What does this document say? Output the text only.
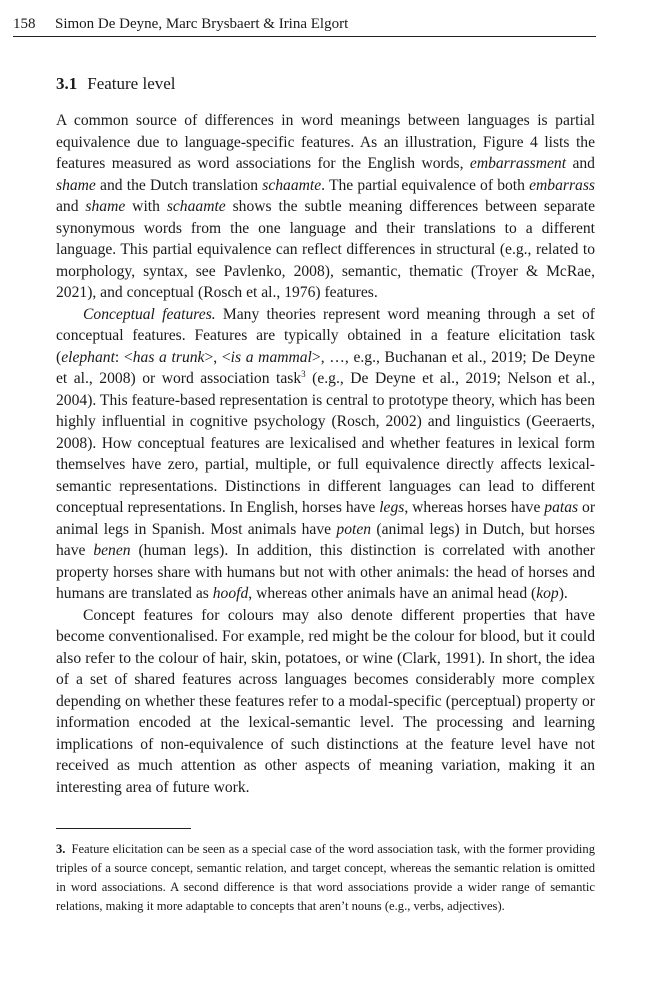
158 Simon De Deyne, Marc Brysbaert & Irina Elgort
3.1 Feature level

A common source of differences in word meanings between languages is partial equivalence due to language-specific features. As an illustration, Figure 4 lists the features measured as word associations for the English words, embarrassment and shame and the Dutch translation schaamte. The partial equivalence of both embarrass and shame with schaamte shows the subtle meaning differences between separate synonymous words from the one language and their translations to a different language. This partial equivalence can reflect differences in structural (e.g., related to morphology, syntax, see Pavlenko, 2008), semantic, thematic (Troyer & McRae, 2021), and conceptual (Rosch et al., 1976) features.

Conceptual features. Many theories represent word meaning through a set of conceptual features. Features are typically obtained in a feature elicitation task (elephant: <has a trunk>, <is a mammal>, …, e.g., Buchanan et al., 2019; De Deyne et al., 2008) or word association task$^3$ (e.g., De Deyne et al., 2019; Nelson et al., 2004). This feature-based representation is central to prototype theory, which has been highly influential in cognitive psychology (Rosch, 2002) and linguistics (Geeraerts, 2008). How conceptual features are lexicalised and whether features in lexical form themselves have zero, partial, multiple, or full equivalence directly affects lexical-semantic representations. Distinctions in different languages can lead to different conceptual representations. In English, horses have legs, whereas horses have patas or animal legs in Spanish. Most animals have poten (animal legs) in Dutch, but horses have benen (human legs). In addition, this distinction is correlated with another property horses share with humans but not with other animals: the head of horses and humans are translated as hoofd, whereas other animals have an animal head (kop).

Concept features for colours may also denote different properties that have become conventionalised. For example, red might be the colour for blood, but it could also refer to the colour of hair, skin, potatoes, or wine (Clark, 1991). In short, the idea of a set of shared features across languages becomes considerably more complex depending on whether these features refer to a modal-specific (perceptual) property or information encoded at the lexical-semantic level. The processing and learning implications of non-equivalence of such distinctions at the feature level have not received as much attention as other aspects of meaning variation, making it an interesting area of future work.

3. Feature elicitation can be seen as a special case of the word association task, with the former providing triples of a source concept, semantic relation, and target concept, whereas the semantic relation is omitted in word associations. A second difference is that word associations provide a wider range of semantic relations, making it more adaptable to concepts that aren’t nouns (e.g., verbs, adjectives).
